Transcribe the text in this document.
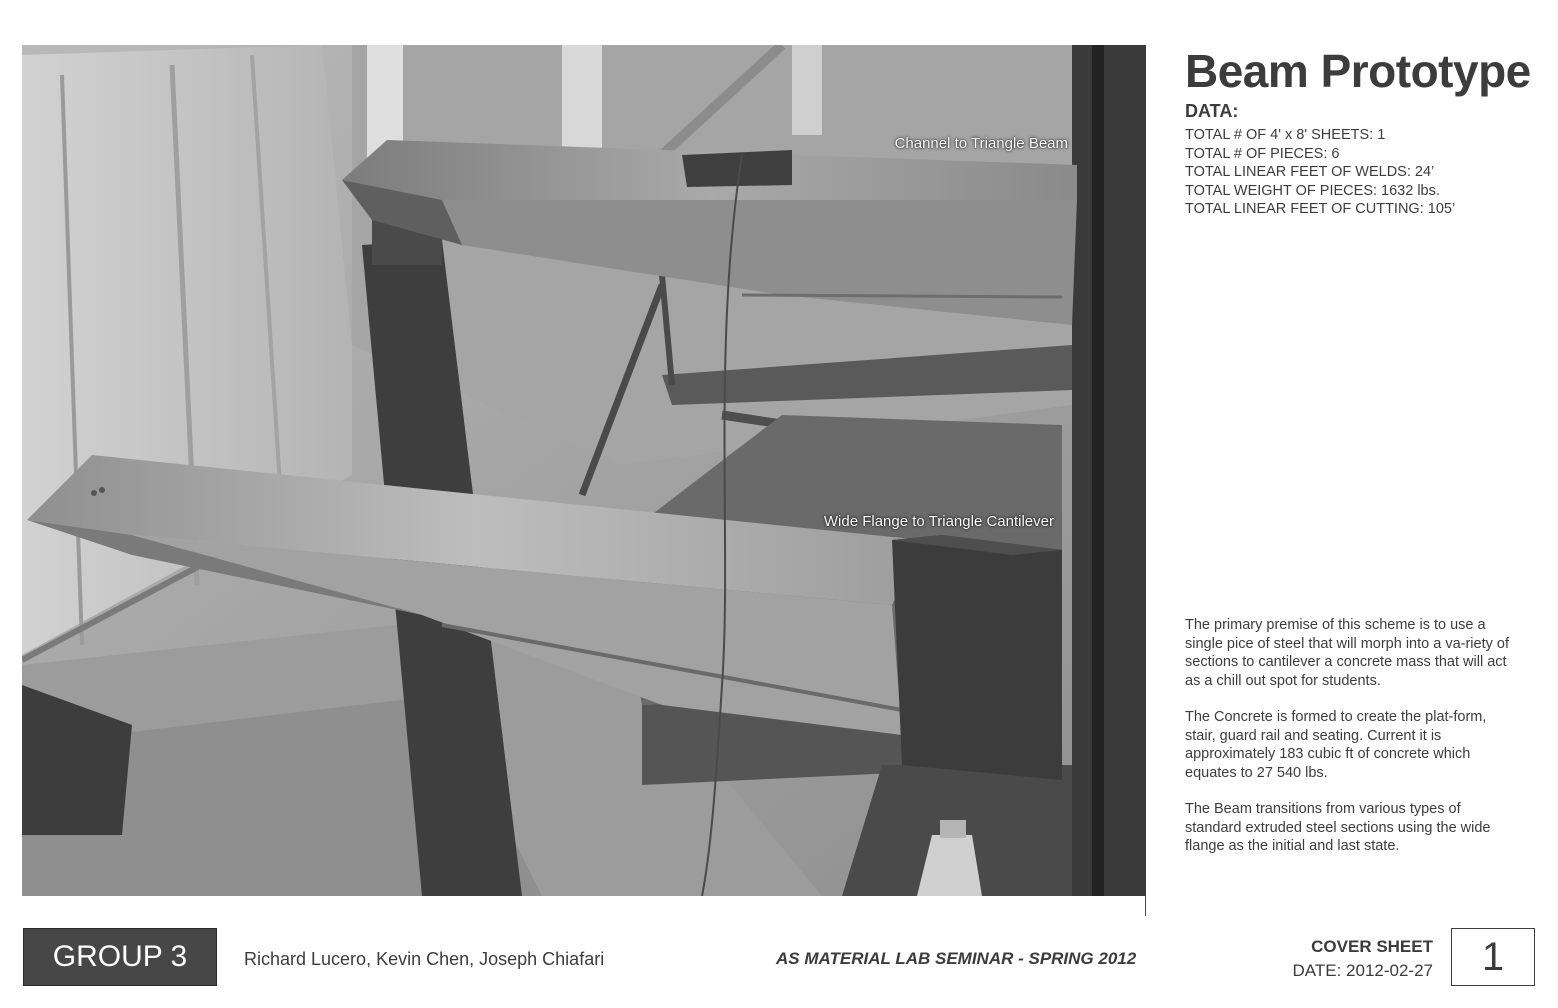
Channel to Triangle Beam
Wide Flange to Triangle Cantilever
Beam Prototype
DATA:
TOTAL # OF 4' x 8' SHEETS: 1
TOTAL # OF PIECES: 6
TOTAL LINEAR FEET OF WELDS: 24’
TOTAL WEIGHT OF PIECES: 1632 lbs.
TOTAL LINEAR FEET OF CUTTING: 105’

The primary premise of this scheme is to use a single pice of steel that will morph into a va-riety of sections to cantilever a concrete mass that will act as a chill out spot for students.

The Concrete is formed to create the plat-form, stair, guard rail and seating. Current it is approximately 183 cubic ft of concrete which equates to 27 540 lbs.

The Beam transitions from various types of standard extruded steel sections using the wide flange as the initial and last state.

GROUP 3	Richard Lucero, Kevin Chen, Joseph Chiafari	AS MATERIAL LAB SEMINAR - SPRING 2012
COVER SHEET
DATE: 2012-02-27	1
